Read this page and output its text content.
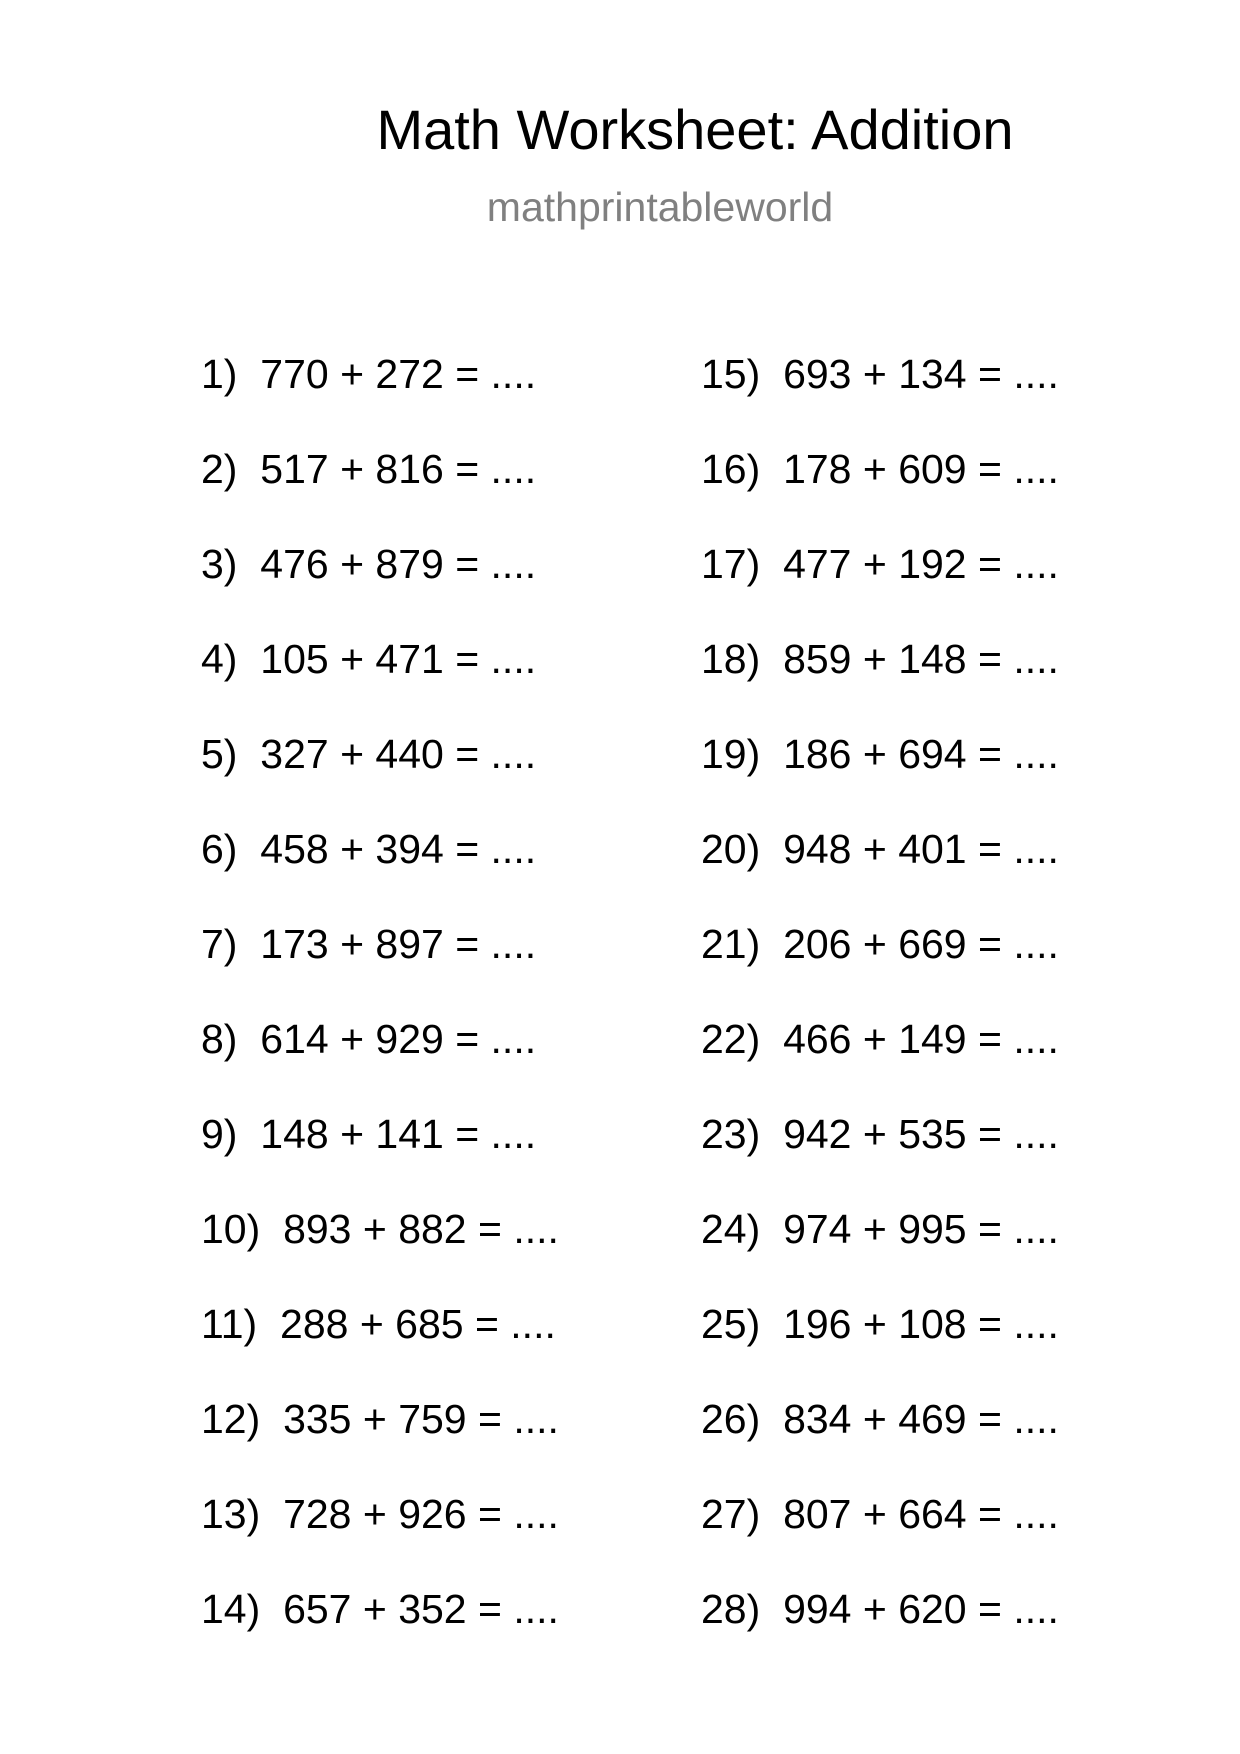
Math Worksheet: Addition
mathprintableworld
1) 770 + 272 = ....
2) 517 + 816 = ....
3) 476 + 879 = ....
4) 105 + 471 = ....
5) 327 + 440 = ....
6) 458 + 394 = ....
7) 173 + 897 = ....
8) 614 + 929 = ....
9) 148 + 141 = ....
10) 893 + 882 = ....
11) 288 + 685 = ....
12) 335 + 759 = ....
13) 728 + 926 = ....
14) 657 + 352 = ....
15) 693 + 134 = ....
16) 178 + 609 = ....
17) 477 + 192 = ....
18) 859 + 148 = ....
19) 186 + 694 = ....
20) 948 + 401 = ....
21) 206 + 669 = ....
22) 466 + 149 = ....
23) 942 + 535 = ....
24) 974 + 995 = ....
25) 196 + 108 = ....
26) 834 + 469 = ....
27) 807 + 664 = ....
28) 994 + 620 = ....
